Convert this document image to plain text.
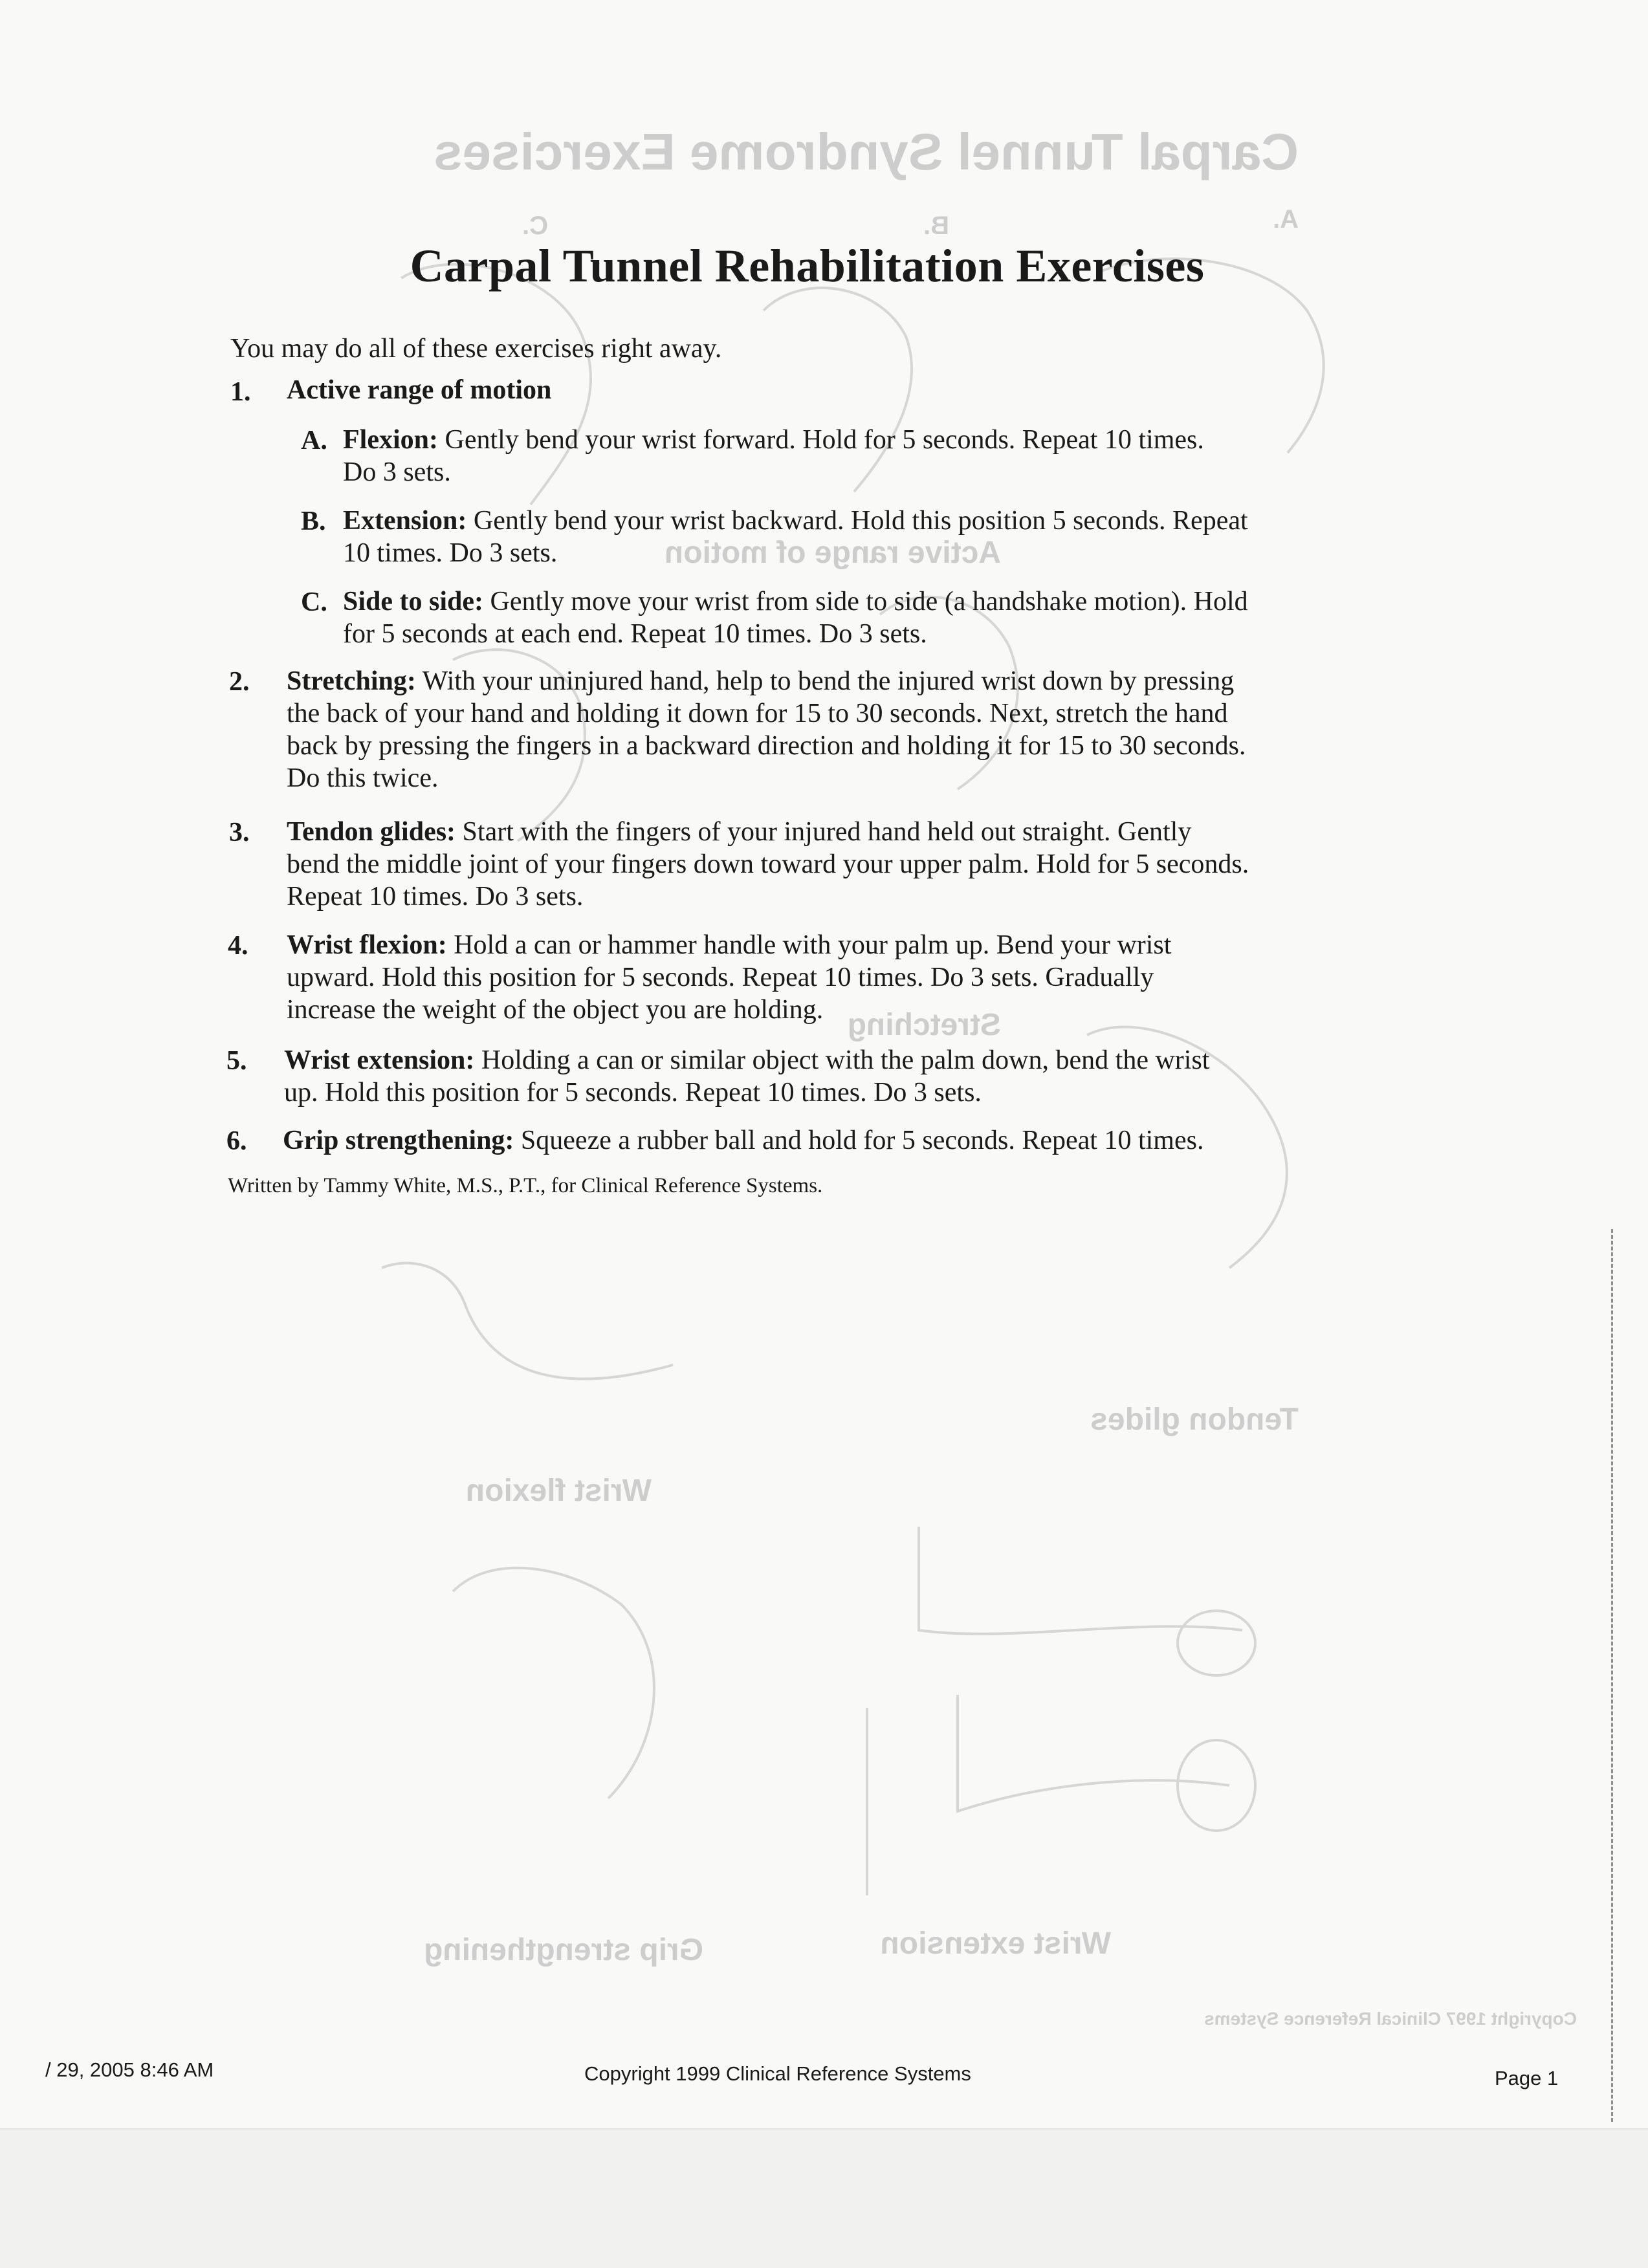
Carpal Tunnel Syndrome Exercises
A.
B.
C.
Active range of motion
Stretching
Tendon glides
Wrist flexion
Grip strengthening	Wrist extension
Copyright 1997 Clinical Reference Systems
Carpal Tunnel Rehabilitation Exercises
You may do all of these exercises right away.
1. Active range of motion
A. Flexion: Gently bend your wrist forward. Hold for 5 seconds. Repeat 10 times.
Do 3 sets.
B. Extension: Gently bend your wrist backward. Hold this position 5 seconds. Repeat
10 times. Do 3 sets.
C. Side to side: Gently move your wrist from side to side (a handshake motion). Hold
for 5 seconds at each end. Repeat 10 times. Do 3 sets.
2. Stretching: With your uninjured hand, help to bend the injured wrist down by pressing
the back of your hand and holding it down for 15 to 30 seconds. Next, stretch the hand
back by pressing the fingers in a backward direction and holding it for 15 to 30 seconds.
Do this twice.
3. Tendon glides: Start with the fingers of your injured hand held out straight. Gently
bend the middle joint of your fingers down toward your upper palm. Hold for 5 seconds.
Repeat 10 times. Do 3 sets.
4. Wrist flexion: Hold a can or hammer handle with your palm up. Bend your wrist
upward. Hold this position for 5 seconds. Repeat 10 times. Do 3 sets. Gradually
increase the weight of the object you are holding.
5. Wrist extension: Holding a can or similar object with the palm down, bend the wrist
up. Hold this position for 5 seconds. Repeat 10 times. Do 3 sets.
6. Grip strengthening: Squeeze a rubber ball and hold for 5 seconds. Repeat 10 times.
Written by Tammy White, M.S., P.T., for Clinical Reference Systems.
/ 29, 2005 8:46 AM	Copyright 1999 Clinical Reference Systems	Page 1
